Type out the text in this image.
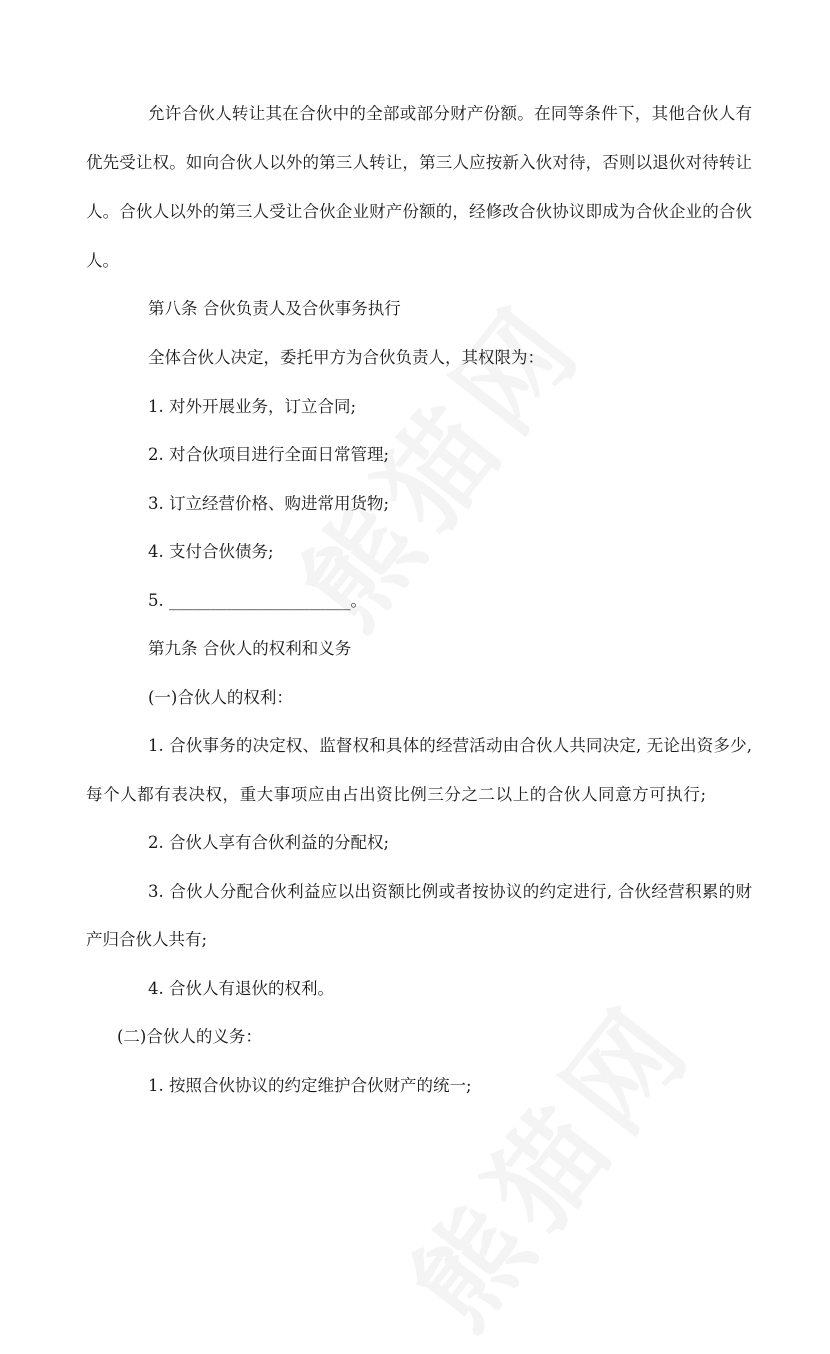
允许合伙人转让其在合伙中的全部或部分财产份额。在同等条件下，其他合伙人有
优先受让权。如向合伙人以外的第三人转让，第三人应按新入伙对待，否则以退伙对待转让
人。合伙人以外的第三人受让合伙企业财产份额的，经修改合伙协议即成为合伙企业的合伙
人。
第八条 合伙负责人及合伙事务执行
全体合伙人决定，委托甲方为合伙负责人，其权限为：
1. 对外开展业务，订立合同;
2. 对合伙项目进行全面日常管理;
3. 订立经营价格、购进常用货物;
4. 支付合伙债务;
5. ______________________。
第九条 合伙人的权利和义务
(一)合伙人的权利：
1. 合伙事务的决定权、监督权和具体的经营活动由合伙人共同决定, 无论出资多少,
每个人都有表决权，重大事项应由占出资比例三分之二以上的合伙人同意方可执行;
2. 合伙人享有合伙利益的分配权;
3. 合伙人分配合伙利益应以出资额比例或者按协议的约定进行, 合伙经营积累的财
产归合伙人共有;
4. 合伙人有退伙的权利。
(二)合伙人的义务：
1. 按照合伙协议的约定维护合伙财产的统一;
